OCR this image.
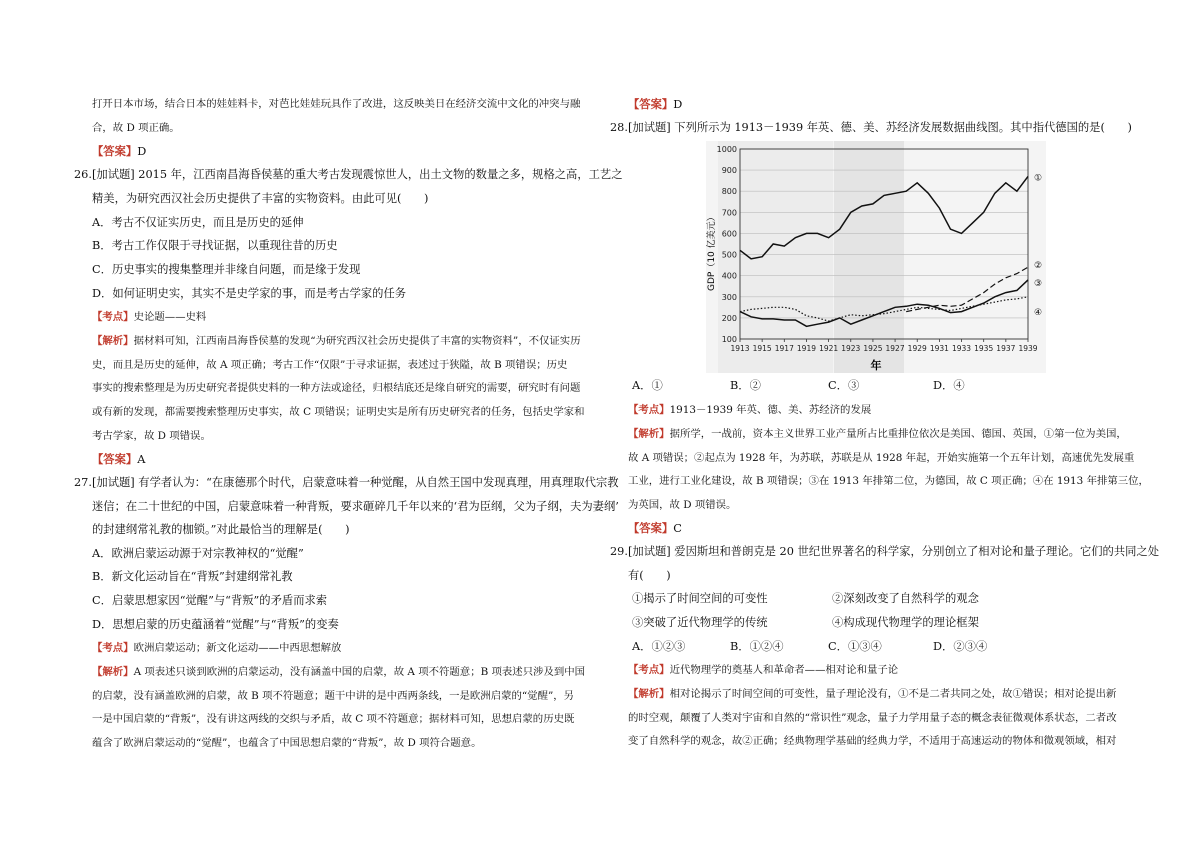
打开日本市场，结合日本的娃娃料卡，对芭比娃娃玩具作了改进，这反映美日在经济交流中文化的冲突与融
合，故 D 项正确。
【答案】D
26. [加试题] 2015 年，江西南昌海昏侯墓的重大考古发现震惊世人，出土文物的数量之多，规格之高，工艺之
精美，为研究西汉社会历史提供了丰富的实物资料。由此可见(　　)
A．考古不仅证实历史，而且是历史的延伸
B．考古工作仅限于寻找证据，以重现往昔的历史
C．历史事实的搜集整理并非缘自问题，而是缘于发现
D．如何证明史实，其实不是史学家的事，而是考古学家的任务
【考点】史论题——史料
【解析】据材料可知，江西南昌海昏侯墓的发现“为研究西汉社会历史提供了丰富的实物资料”，不仅证实历
史，而且是历史的延伸，故 A 项正确；考古工作“仅限”于寻求证据，表述过于狭隘，故 B 项错误；历史
事实的搜索整理是为历史研究者提供史料的一种方法或途径，归根结底还是缘自研究的需要，研究时有问题
或有新的发现，都需要搜索整理历史事实，故 C 项错误；证明史实是所有历史研究者的任务，包括史学家和
考古学家，故 D 项错误。
【答案】A
27. [加试题] 有学者认为：“在康德那个时代，启蒙意味着一种觉醒，从自然王国中发现真理，用真理取代宗教
迷信；在二十世纪的中国，启蒙意味着一种背叛，要求砸碎几千年以来的‘君为臣纲，父为子纲，夫为妻纲’
的封建纲常礼教的枷锁。”对此最恰当的理解是(　　)
A．欧洲启蒙运动源于对宗教神权的“觉醒”
B．新文化运动旨在“背叛”封建纲常礼教
C．启蒙思想家因“觉醒”与“背叛”的矛盾而求索
D．思想启蒙的历史蕴涵着“觉醒”与“背叛”的变奏
【考点】欧洲启蒙运动；新文化运动——中西思想解放
【解析】A 项表述只谈到欧洲的启蒙运动，没有涵盖中国的启蒙，故 A 项不符题意；B 项表述只涉及到中国
的启蒙，没有涵盖欧洲的启蒙，故 B 项不符题意；题干中讲的是中西两条线，一是欧洲启蒙的“觉醒”，另
一是中国启蒙的“背叛”，没有讲这两线的交织与矛盾，故 C 项不符题意；据材料可知，思想启蒙的历史既
蕴含了欧洲启蒙运动的“觉醒”，也蕴含了中国思想启蒙的“背叛”，故 D 项符合题意。
【答案】D
28. [加试题] 下列所示为 1913－1939 年英、德、美、苏经济发展数据曲线图。其中指代德国的是(　　)
A．①	B．②	C．③	D．④
【考点】1913－1939 年英、德、美、苏经济的发展
【解析】据所学，一战前，资本主义世界工业产量所占比重排位依次是美国、德国、英国，①第一位为美国，
故 A 项错误；②起点为 1928 年，为苏联，苏联是从 1928 年起，开始实施第一个五年计划，高速优先发展重
工业，进行工业化建设，故 B 项错误；③在 1913 年排第二位，为德国，故 C 项正确；④在 1913 年排第三位，
为英国，故 D 项错误。
【答案】C
29. [加试题] 爱因斯坦和普朗克是 20 世纪世界著名的科学家，分别创立了相对论和量子理论。它们的共同之处
有(　　)
①揭示了时间空间的可变性	②深刻改变了自然科学的观念
③突破了近代物理学的传统	④构成现代物理学的理论框架
A．①②③	B．①②④	C．①③④	D．②③④
【考点】近代物理学的奠基人和革命者——相对论和量子论
【解析】相对论揭示了时间空间的可变性，量子理论没有，①不是二者共同之处，故①错误；相对论提出新
的时空观，颠覆了人类对宇宙和自然的“常识性”观念，量子力学用量子态的概念表征微观体系状态，二者改
变了自然科学的观念，故②正确；经典物理学基础的经典力学，不适用于高速运动的物体和微观领域，相对
100
200
300
400
500
600
700
800
900
1000
1913 1915 1917 1919 1921 1923 1925 1927 1929 1931 1933 1935 1937 1939
①
②
③
④
GDP（10 亿美元）
年
